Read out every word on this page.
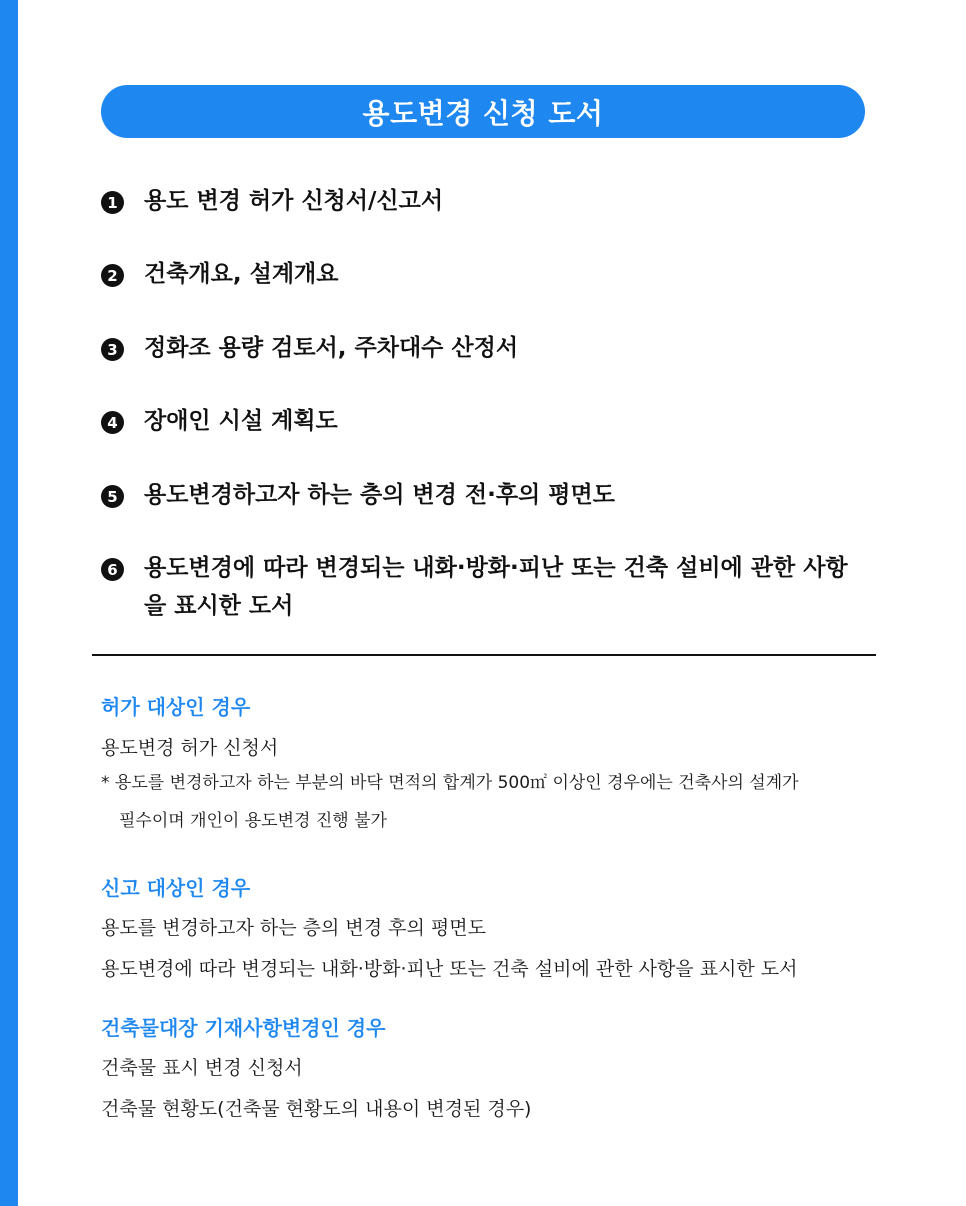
용도변경 신청 도서
1 용도 변경 허가 신청서/신고서
2 건축개요, 설계개요
3 정화조 용량 검토서, 주차대수 산정서
4 장애인 시설 계획도
5 용도변경하고자 하는 층의 변경 전·후의 평면도
6 용도변경에 따라 변경되는 내화·방화·피난 또는 건축 설비에 관한 사항을 표시한 도서
허가 대상인 경우
용도변경 허가 신청서
* 용도를 변경하고자 하는 부분의 바닥 면적의 합계가 500㎡ 이상인 경우에는 건축사의 설계가
필수이며 개인이 용도변경 진행 불가
신고 대상인 경우
용도를 변경하고자 하는 층의 변경 후의 평면도
용도변경에 따라 변경되는 내화·방화·피난 또는 건축 설비에 관한 사항을 표시한 도서
건축물대장 기재사항변경인 경우
건축물 표시 변경 신청서
건축물 현황도(건축물 현황도의 내용이 변경된 경우)
